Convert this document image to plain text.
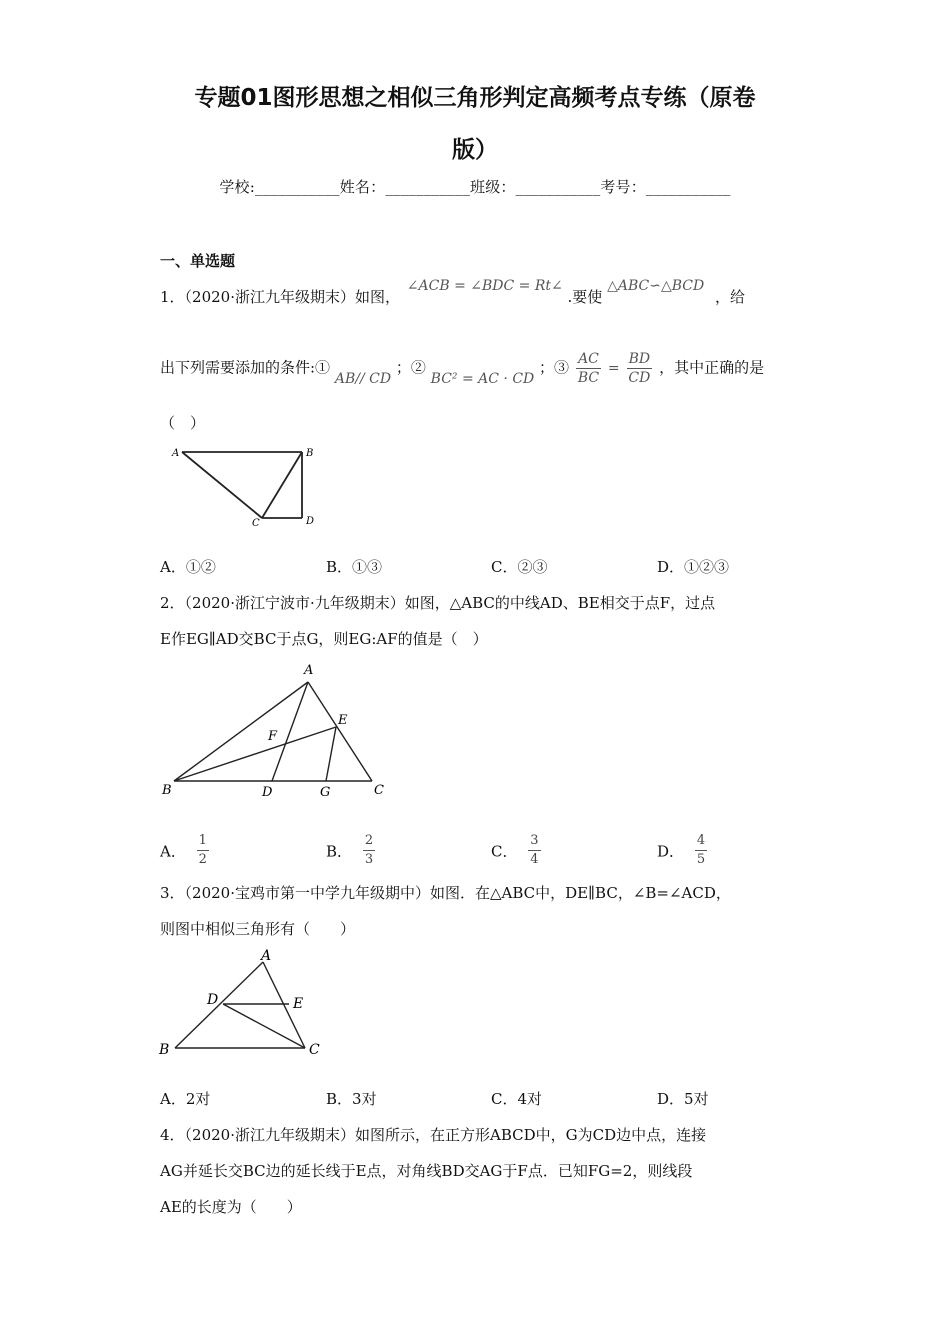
专题01图形思想之相似三角形判定高频考点专练（原卷
版）
学校:___________姓名：___________班级：___________考号：___________
一、单选题
1．（2020·浙江九年级期末）如图， ∠ACB = ∠BDC = Rt∠ .要使 △ABC∽△BCD ，给
出下列需要添加的条件:① AB// CD ；② BC² = AC · CD ；③ $\frac{AC}{BC} = \frac{BD}{CD}$ ，其中正确的是
（　）
A	B
C	D
A．①②	B．①③	C．②③	D．①②③
2．（2020·浙江宁波市·九年级期末）如图，△ABC的中线AD、BE相交于点F，过点
E作EG∥AD交BC于点G，则EG:AF的值是（　）
A
E
F
B	D	G	C
A． $\frac{1}{2}$	B． $\frac{2}{3}$	C． $\frac{3}{4}$	D． $\frac{4}{5}$
3．（2020·宝鸡市第一中学九年级期中）如图．在△ABC中，DE∥BC，∠B=∠ACD，
则图中相似三角形有（　　）
A
D	E
B	C
A．2对	B．3对	C．4对	D．5对
4．（2020·浙江九年级期末）如图所示，在正方形ABCD中，G为CD边中点，连接
AG并延长交BC边的延长线于E点，对角线BD交AG于F点．已知FG=2，则线段
AE的长度为（　　）
